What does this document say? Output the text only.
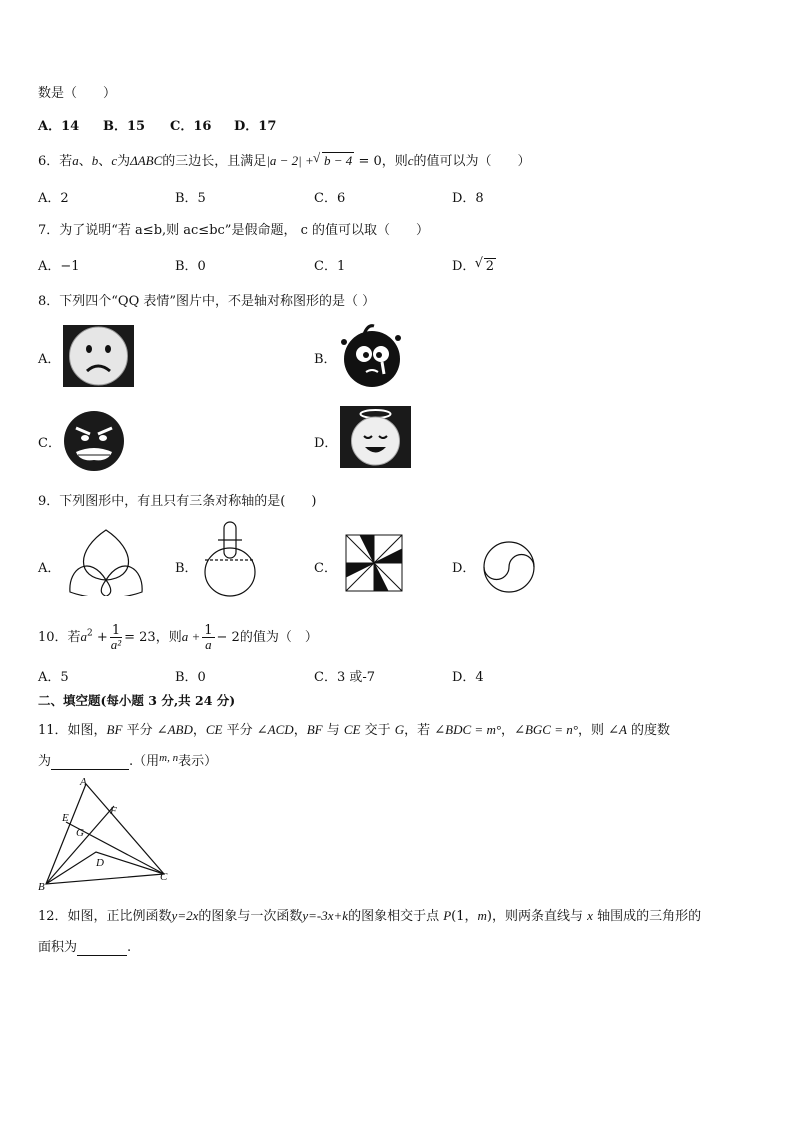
数是（　　）
A．14 B．15 C．16 D．17
6．若a、b、c为ΔABC的三边长，且满足|a − 2| + √ b − 4 = 0，则c的值可以为（　　）
A．2	B．5	C．6	D．8
7．为了说明“若 a≤b,则 ac≤bc”是假命题， c 的值可以取（　　）
A．−1	B．0	C．1	D． √ 2
8．下列四个“QQ 表情”图片中，不是轴对称图形的是（ ）
A．	B．
C．	D．
9．下列图形中，有且只有三条对称轴的是(　　)
A．	B．	C．	D．
10．若$a^2 + \frac{1}{\text{a²}} = 23$，则$a + \frac{1}{a} - 2$的值为（　）
A．5	B．0	C．3 或-7	D．4
二、填空题(每小题 3 分,共 24 分)
11．如图，BF 平分 ∠ABD，CE 平分 ∠ACD，BF 与 CE 交于 G，若 ∠BDC = m°，∠BGC = n°，则 ∠A 的度数
为	.（用$^{m, n}$表示）
A
E
F
G
D
B
C
12．如图，正比例函数y=2x的图象与一次函数y=-3x+k的图象相交于点 P(1，m)，则两条直线与 x 轴围成的三角形的
面积为	.
